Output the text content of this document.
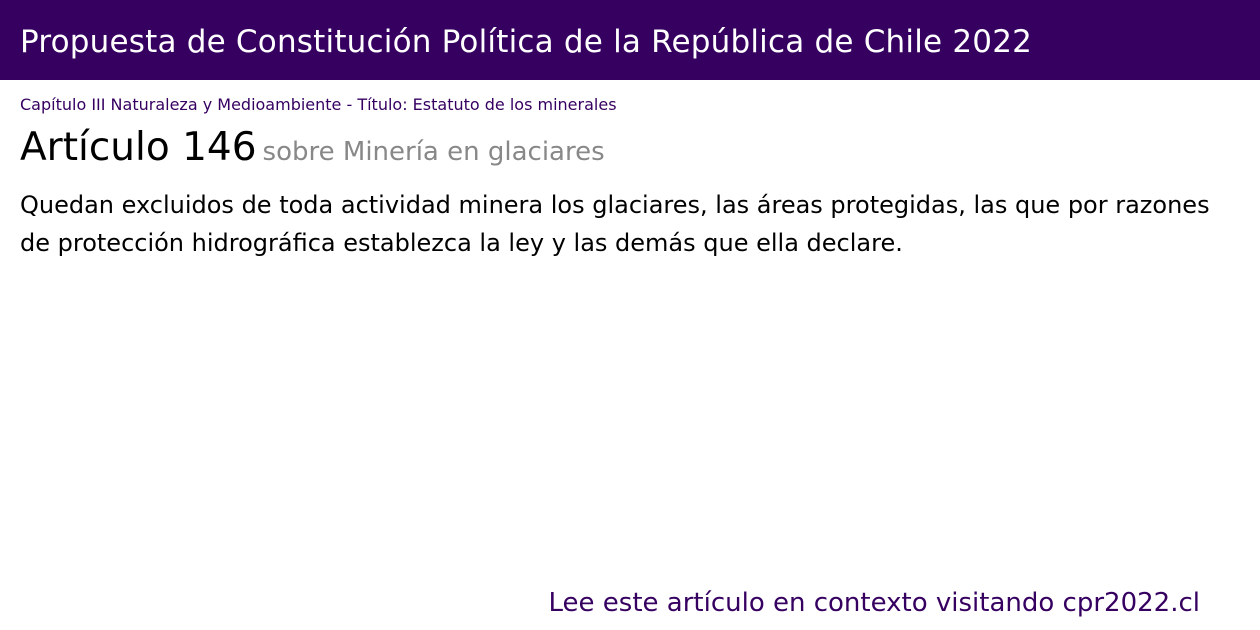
Propuesta de Constitución Política de la República de Chile 2022
Capítulo III Naturaleza y Medioambiente - Título: Estatuto de los minerales
Artículo 146 sobre Minería en glaciares

Quedan excluidos de toda actividad minera los glaciares, las áreas protegidas, las que por razones de protección hidrográfica establezca la ley y las demás que ella declare.

Lee este artículo en contexto visitando cpr2022.cl
